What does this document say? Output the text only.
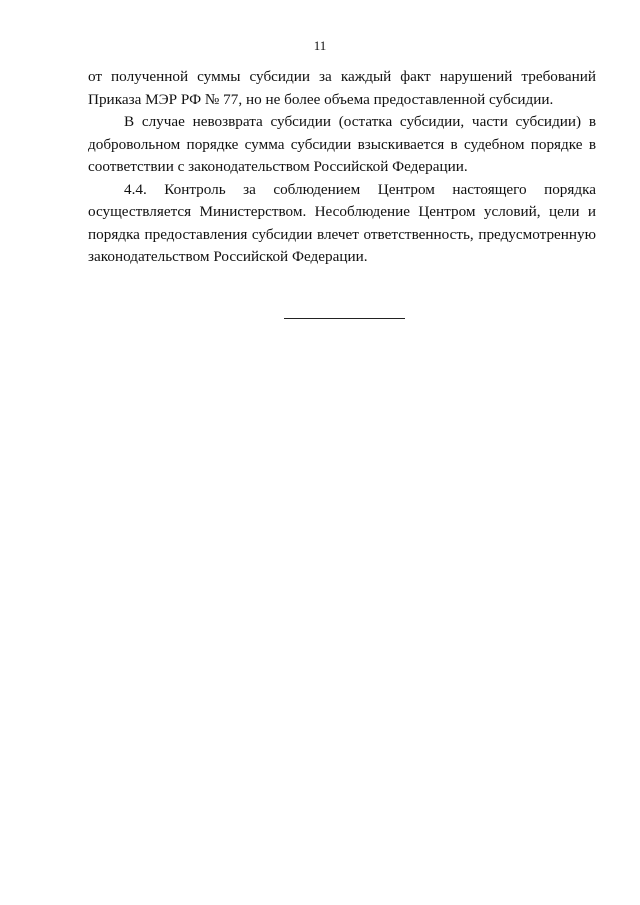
11

от полученной суммы субсидии за каждый факт нарушений требований Приказа МЭР РФ № 77, но не более объема предоставленной субсидии.

В случае невозврата субсидии (остатка субсидии, части субсидии) в добровольном порядке сумма субсидии взыскивается в судебном порядке в соответствии с законодательством Российской Федерации.

4.4. Контроль за соблюдением Центром настоящего порядка осуществляется Министерством. Несоблюдение Центром условий, цели и порядка предоставления субсидии влечет ответственность, предусмотренную законодательством Российской Федерации.
